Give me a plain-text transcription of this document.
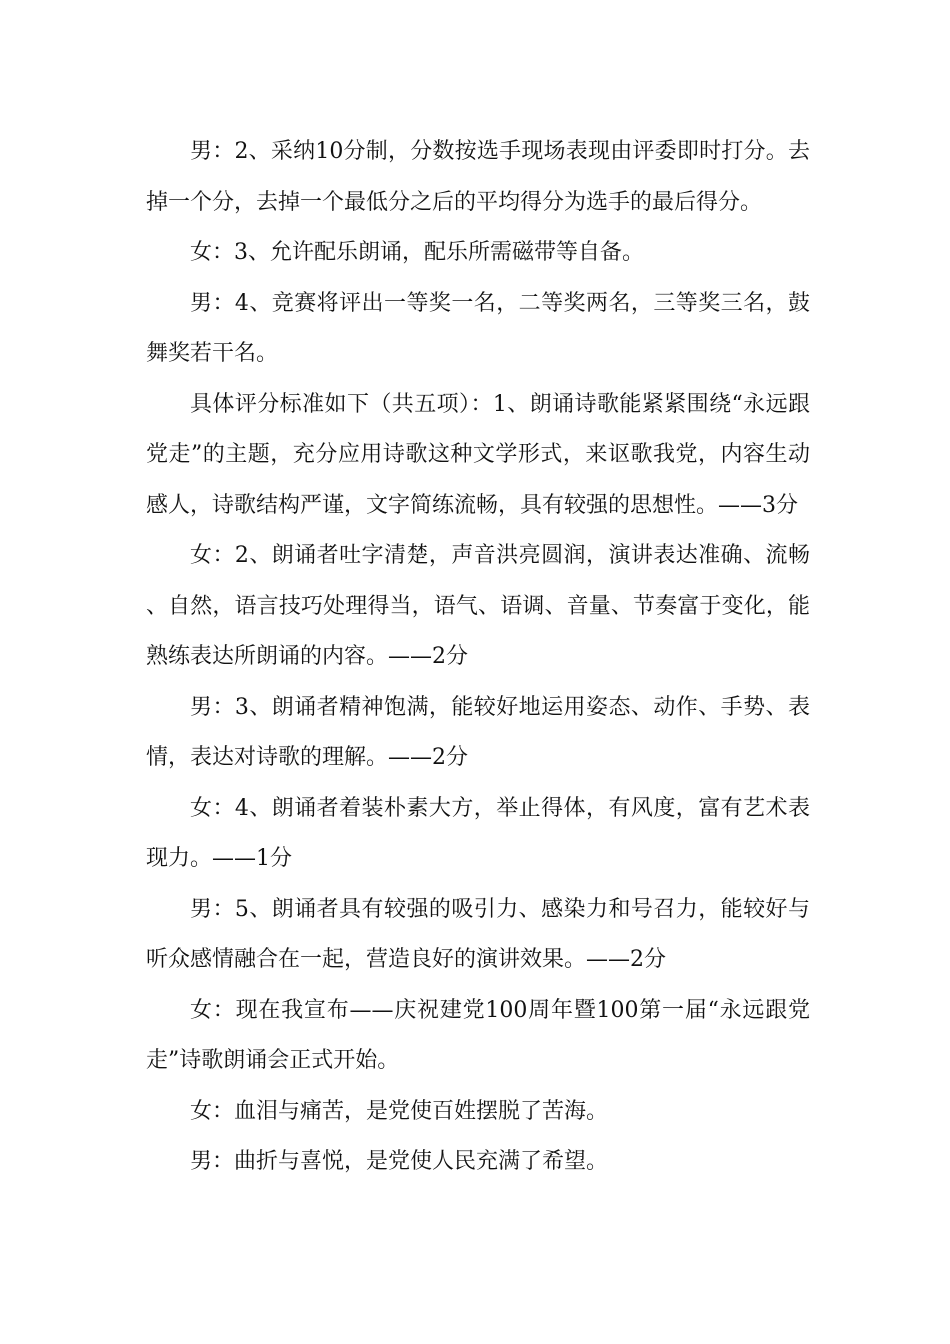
男：2、采纳10分制，分数按选手现场表现由评委即时打分。去掉一个分，去掉一个最低分之后的平均得分为选手的最后得分。

女：3、允许配乐朗诵，配乐所需磁带等自备。

男：4、竞赛将评出一等奖一名，二等奖两名，三等奖三名，鼓舞奖若干名。

具体评分标准如下（共五项）：1、朗诵诗歌能紧紧围绕“永远跟党走”的主题，充分应用诗歌这种文学形式，来讴歌我党，内容生动感人，诗歌结构严谨，文字简练流畅，具有较强的思想性。——3分

女：2、朗诵者吐字清楚，声音洪亮圆润，演讲表达准确、流畅、自然，语言技巧处理得当，语气、语调、音量、节奏富于变化，能熟练表达所朗诵的内容。——2分

男：3、朗诵者精神饱满，能较好地运用姿态、动作、手势、表情，表达对诗歌的理解。——2分

女：4、朗诵者着装朴素大方，举止得体，有风度，富有艺术表现力。——1分

男：5、朗诵者具有较强的吸引力、感染力和号召力，能较好与听众感情融合在一起，营造良好的演讲效果。——2分

女：现在我宣布——庆祝建党100周年暨100第一届“永远跟党走”诗歌朗诵会正式开始。

女：血泪与痛苦，是党使百姓摆脱了苦海。

男：曲折与喜悦，是党使人民充满了希望。
